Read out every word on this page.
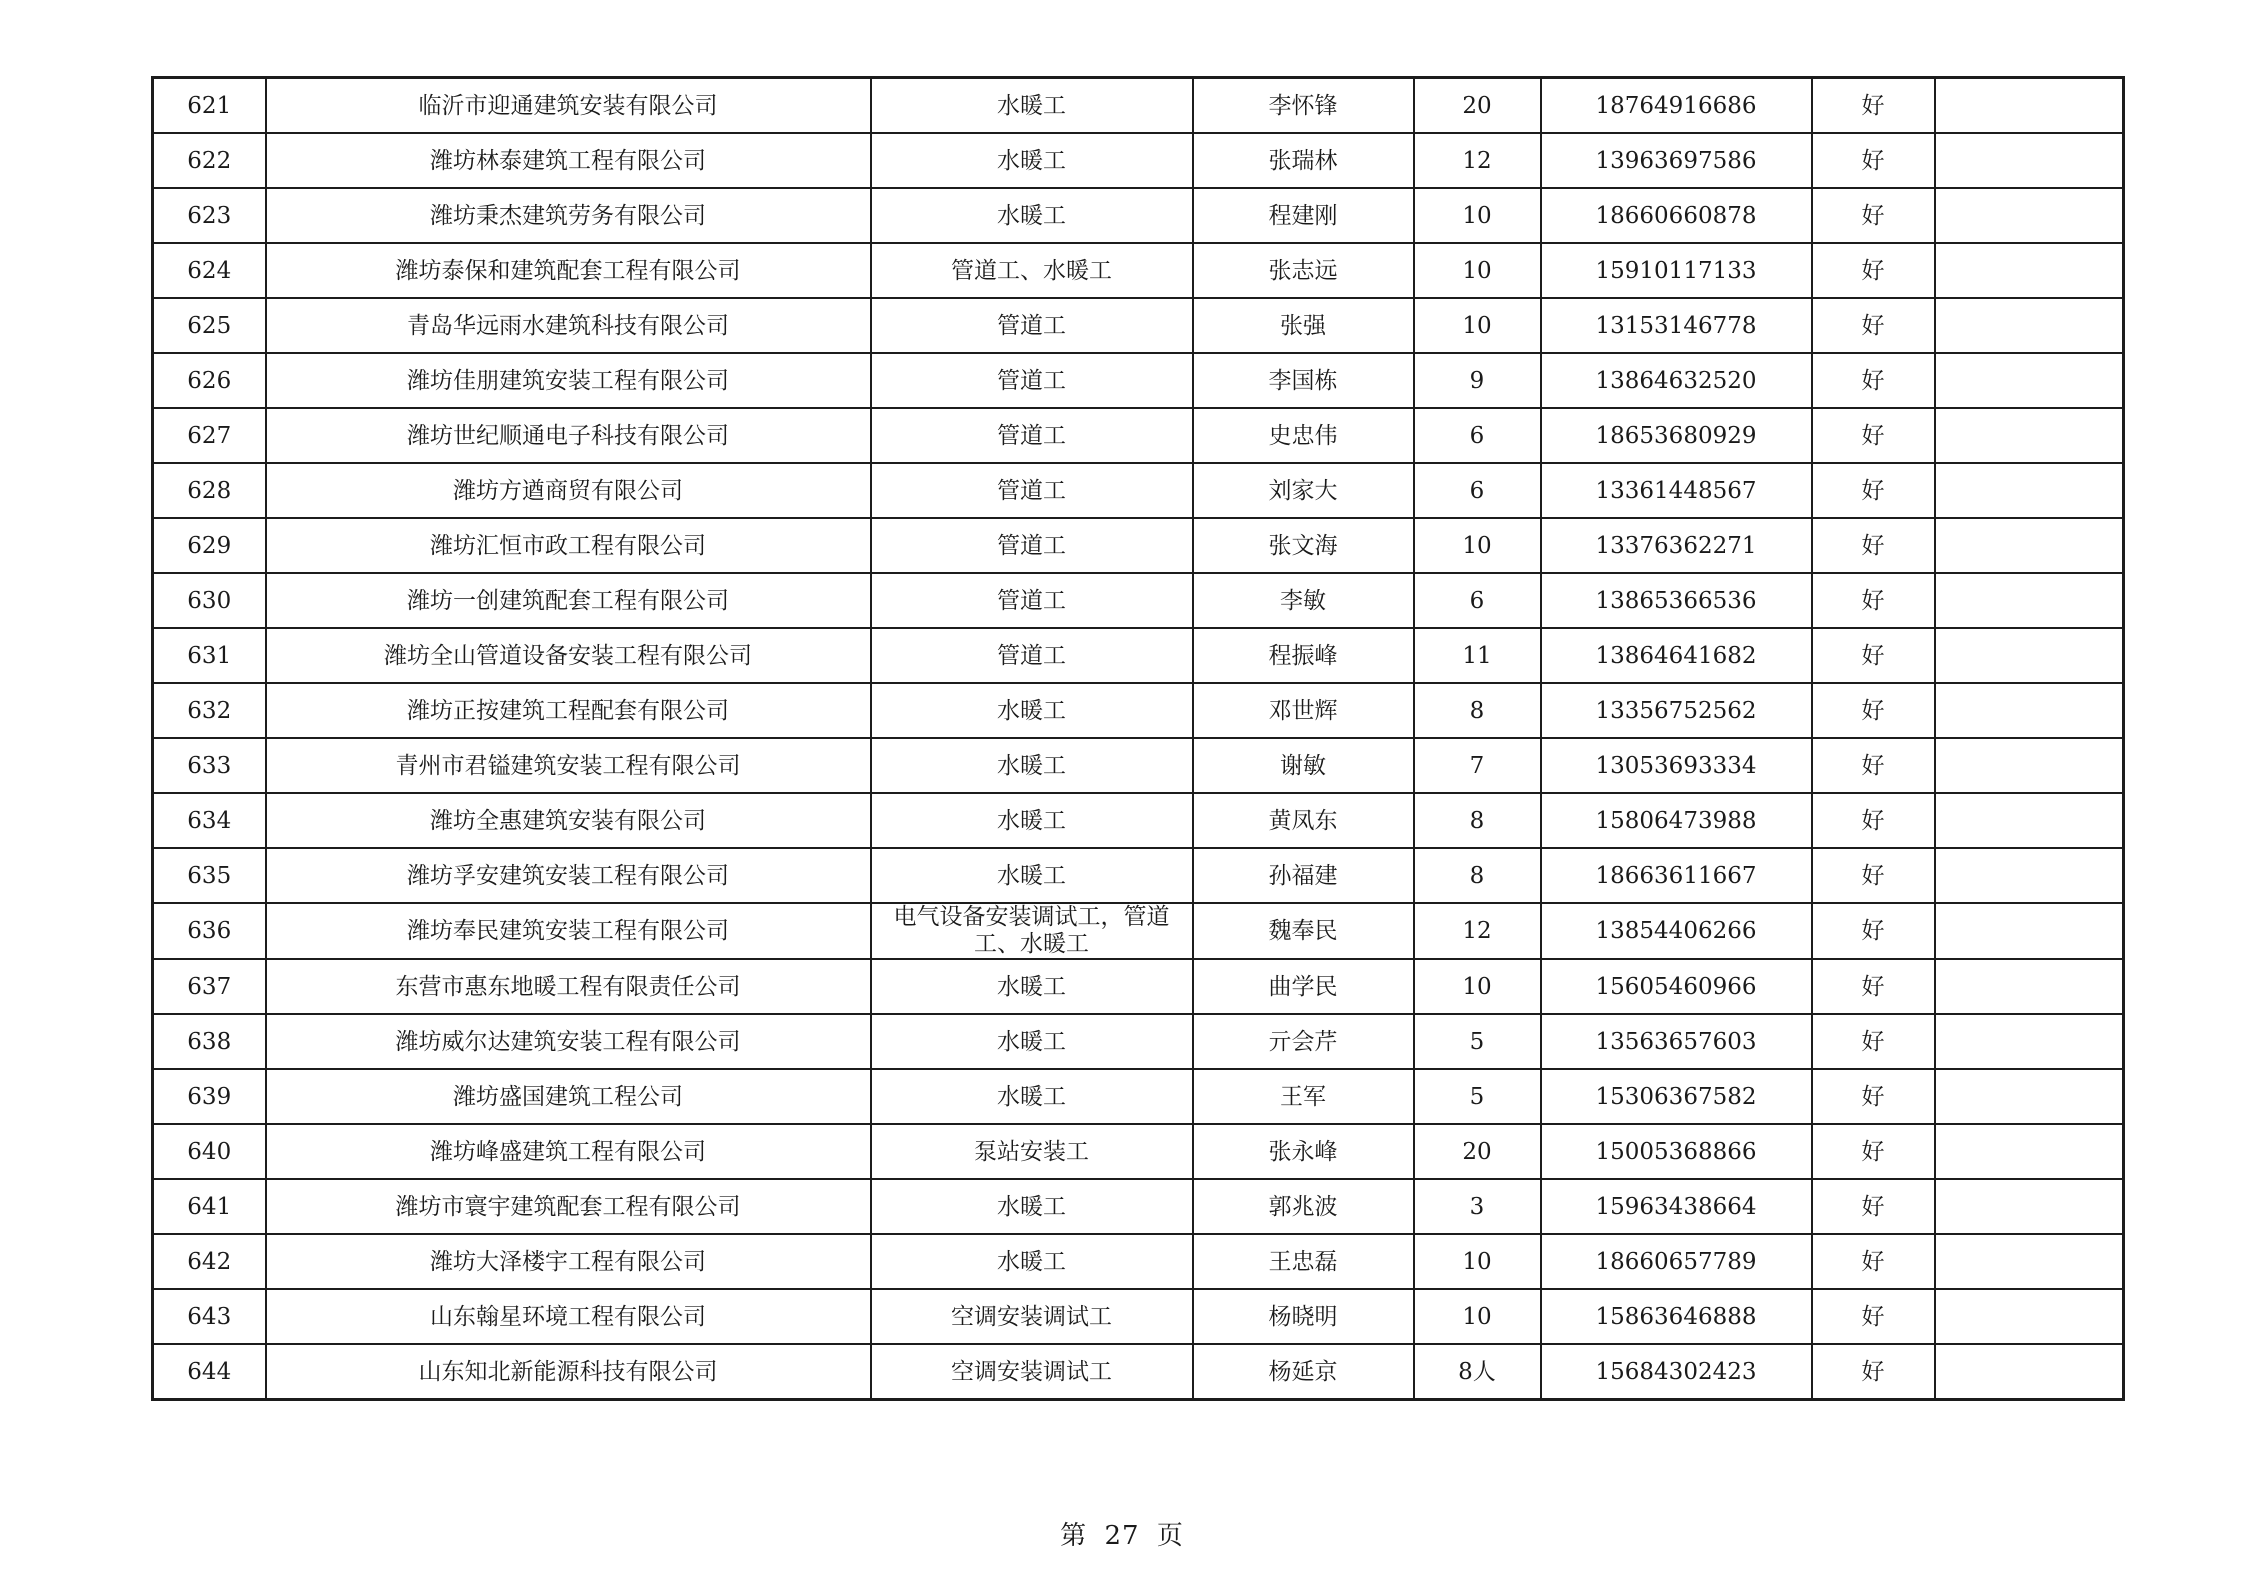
621	临沂市迎通建筑安装有限公司	水暖工	李怀锋	20	18764916686	好	
622	潍坊林泰建筑工程有限公司	水暖工	张瑞林	12	13963697586	好	
623	潍坊秉杰建筑劳务有限公司	水暖工	程建刚	10	18660660878	好	
624	潍坊泰保和建筑配套工程有限公司	管道工、水暖工	张志远	10	15910117133	好	
625	青岛华远雨水建筑科技有限公司	管道工	张强	10	13153146778	好	
626	潍坊佳朋建筑安装工程有限公司	管道工	李国栋	9	13864632520	好	
627	潍坊世纪顺通电子科技有限公司	管道工	史忠伟	6	18653680929	好	
628	潍坊方遒商贸有限公司	管道工	刘家大	6	13361448567	好	
629	潍坊汇恒市政工程有限公司	管道工	张文海	10	13376362271	好	
630	潍坊一创建筑配套工程有限公司	管道工	李敏	6	13865366536	好	
631	潍坊全山管道设备安装工程有限公司	管道工	程振峰	11	13864641682	好	
632	潍坊正按建筑工程配套有限公司	水暖工	邓世辉	8	13356752562	好	
633	青州市君镒建筑安装工程有限公司	水暖工	谢敏	7	13053693334	好	
634	潍坊全惠建筑安装有限公司	水暖工	黄凤东	8	15806473988	好	
635	潍坊孚安建筑安装工程有限公司	水暖工	孙福建	8	18663611667	好	
636	潍坊奉民建筑安装工程有限公司	电气设备安装调试工，管道工、水暖工	魏奉民	12	13854406266	好	
637	东营市惠东地暖工程有限责任公司	水暖工	曲学民	10	15605460966	好	
638	潍坊威尔达建筑安装工程有限公司	水暖工	亓会芹	5	13563657603	好	
639	潍坊盛国建筑工程公司	水暖工	王军	5	15306367582	好	
640	潍坊峰盛建筑工程有限公司	泵站安装工	张永峰	20	15005368866	好	
641	潍坊市寰宇建筑配套工程有限公司	水暖工	郭兆波	3	15963438664	好	
642	潍坊大泽楼宇工程有限公司	水暖工	王忠磊	10	18660657789	好	
643	山东翰星环境工程有限公司	空调安装调试工	杨晓明	10	15863646888	好	
644	山东知北新能源科技有限公司	空调安装调试工	杨延京	8人	15684302423	好	
第 27 页
